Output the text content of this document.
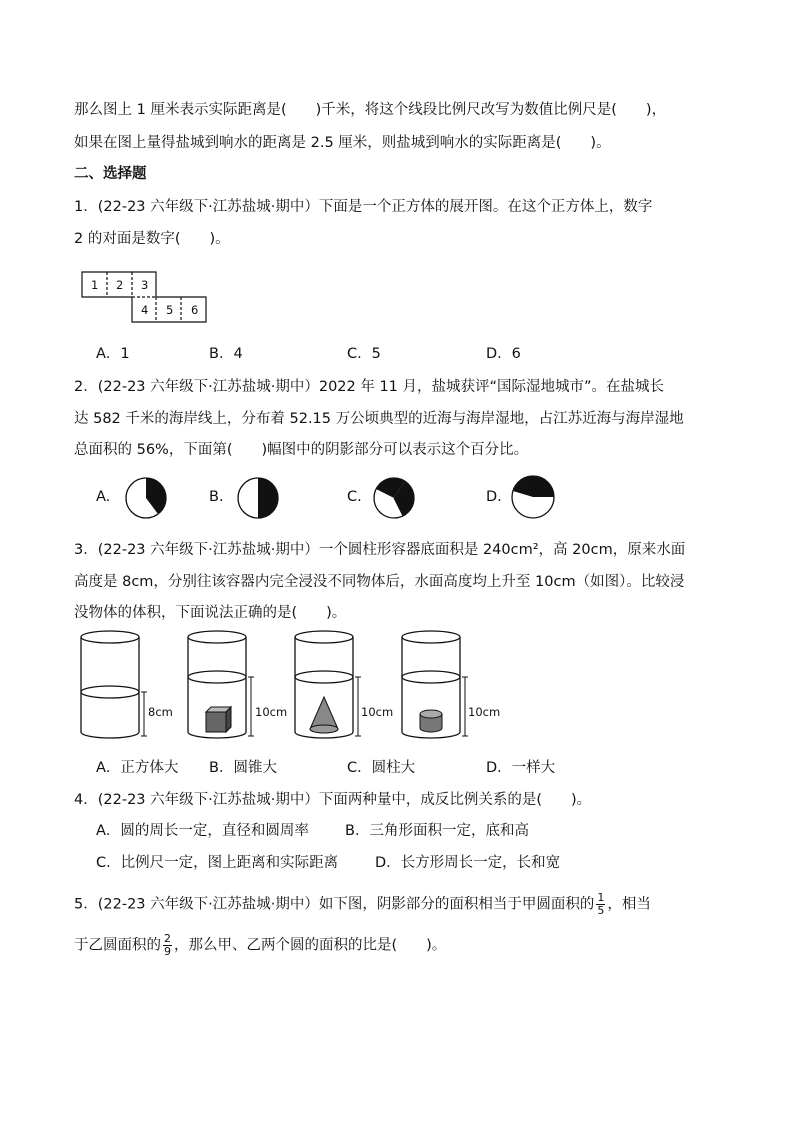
那么图上 1 厘米表示实际距离是(　　)千米，将这个线段比例尺改写为数值比例尺是(　　)，
如果在图上量得盐城到响水的距离是 2.5 厘米，则盐城到响水的实际距离是(　　)。
二、选择题
1．(22-23 六年级下·江苏盐城·期中）下面是一个正方体的展开图。在这个正方体上，数字
2 的对面是数字(　　)。
1 2 3
4 5 6
A．1	B．4	C．5	D．6
2．(22-23 六年级下·江苏盐城·期中）2022 年 11 月，盐城获评“国际湿地城市”。在盐城长
达 582 千米的海岸线上，分布着 52.15 万公顷典型的近海与海岸湿地，占江苏近海与海岸湿地
总面积的 56%，下面第(　　)幅图中的阴影部分可以表示这个百分比。
A.	B.	C.	D.
3．(22-23 六年级下·江苏盐城·期中）一个圆柱形容器底面积是 240cm²，高 20cm，原来水面
高度是 8cm，分别往该容器内完全浸没不同物体后，水面高度均上升至 10cm（如图）。比较浸
没物体的体积，下面说法正确的是(　　)。
8cm	10cm	10cm	10cm
A．正方体大 B．圆锥大	C．圆柱大	D．一样大
4．(22-23 六年级下·江苏盐城·期中）下面两种量中，成反比例关系的是(　　)。
A．圆的周长一定，直径和圆周率 B．三角形面积一定，底和高
C．比例尺一定，图上距离和实际距离	D．长方形周长一定，长和宽
5．(22-23 六年级下·江苏盐城·期中）如下图，阴影部分的面积相当于甲圆面积的 $\frac{1}{5}$ ，相当
于乙圆面积的 $\frac{2}{9}$ ，那么甲、乙两个圆的面积的比是(　　)。
